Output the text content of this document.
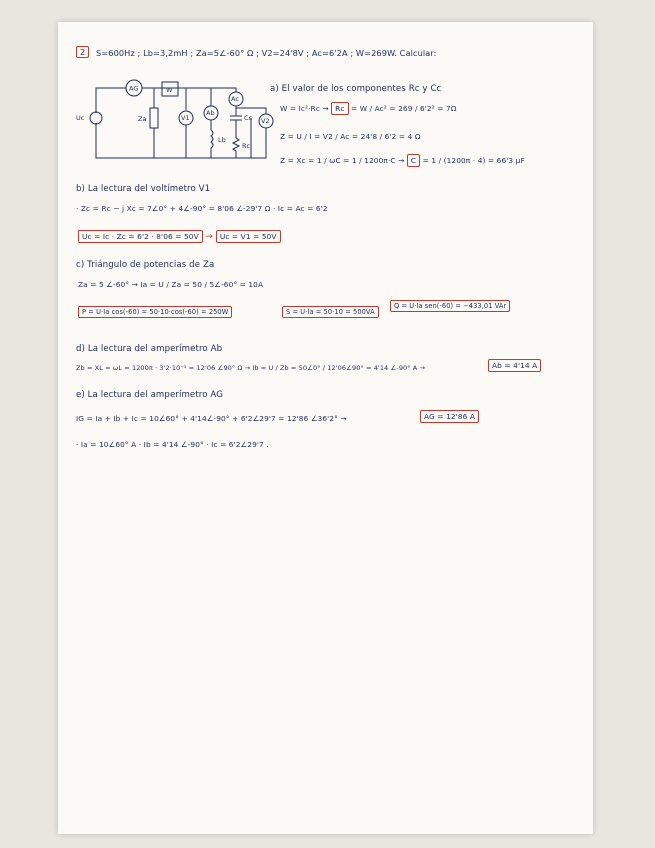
2	S=600Hz ; Lb=3,2mH ; Za=5∠-60° Ω ; V2=24'8V ; Ac=6'2A ; W=269W. Calcular:
Uc
AG	W
Za	V1
Ab
Lb
Ac
Cc
Rc
V2
a) El valor de los componentes Rc y Cc
W = Ic²·Rc → Rc = W / Ac² = 269 / 6'2² = 7Ω
Z = U / I = V2 / Ac = 24'8 / 6'2 = 4 Ω
Z = Xc = 1 / ωC = 1 / 1200π·C → C = 1 / (1200π · 4) = 66'3 μF
b) La lectura del voltímetro V1
· Zc = Rc − j Xc = 7∠0° + 4∠-90° = 8'06 ∠-29'7 Ω · Ic = Ac = 6'2
Uc = Ic · Zc = 6'2 · 8'06 = 50V → Uc = V1 = 50V
c) Triángulo de potencias de Za
Za = 5 ∠-60° → Ia = U / Za = 50 / 5∠-60° = 10A
P = U·Ia cos(-60) = 50·10·cos(-60) = 250W	S = U·Ia = 50·10 = 500VA
Q = U·Ia sen(-60) = −433,01 VAr
d) La lectura del amperímetro Ab
Zb = XL = ωL = 1200π · 3'2·10⁻³ = 12'06 ∠90° Ω → Ib = U / Zb = 50∠0° / 12'06∠90° = 4'14 ∠-90° A →	Ab = 4'14 A
e) La lectura del amperímetro AG
IG = Ia + Ib + Ic = 10∠60° + 4'14∠-90° + 6'2∠29'7 = 12'86 ∠36'2° →	AG = 12'86 A
· Ia = 10∠60° A · Ib = 4'14 ∠-90° · Ic = 6'2∠29'7 .
